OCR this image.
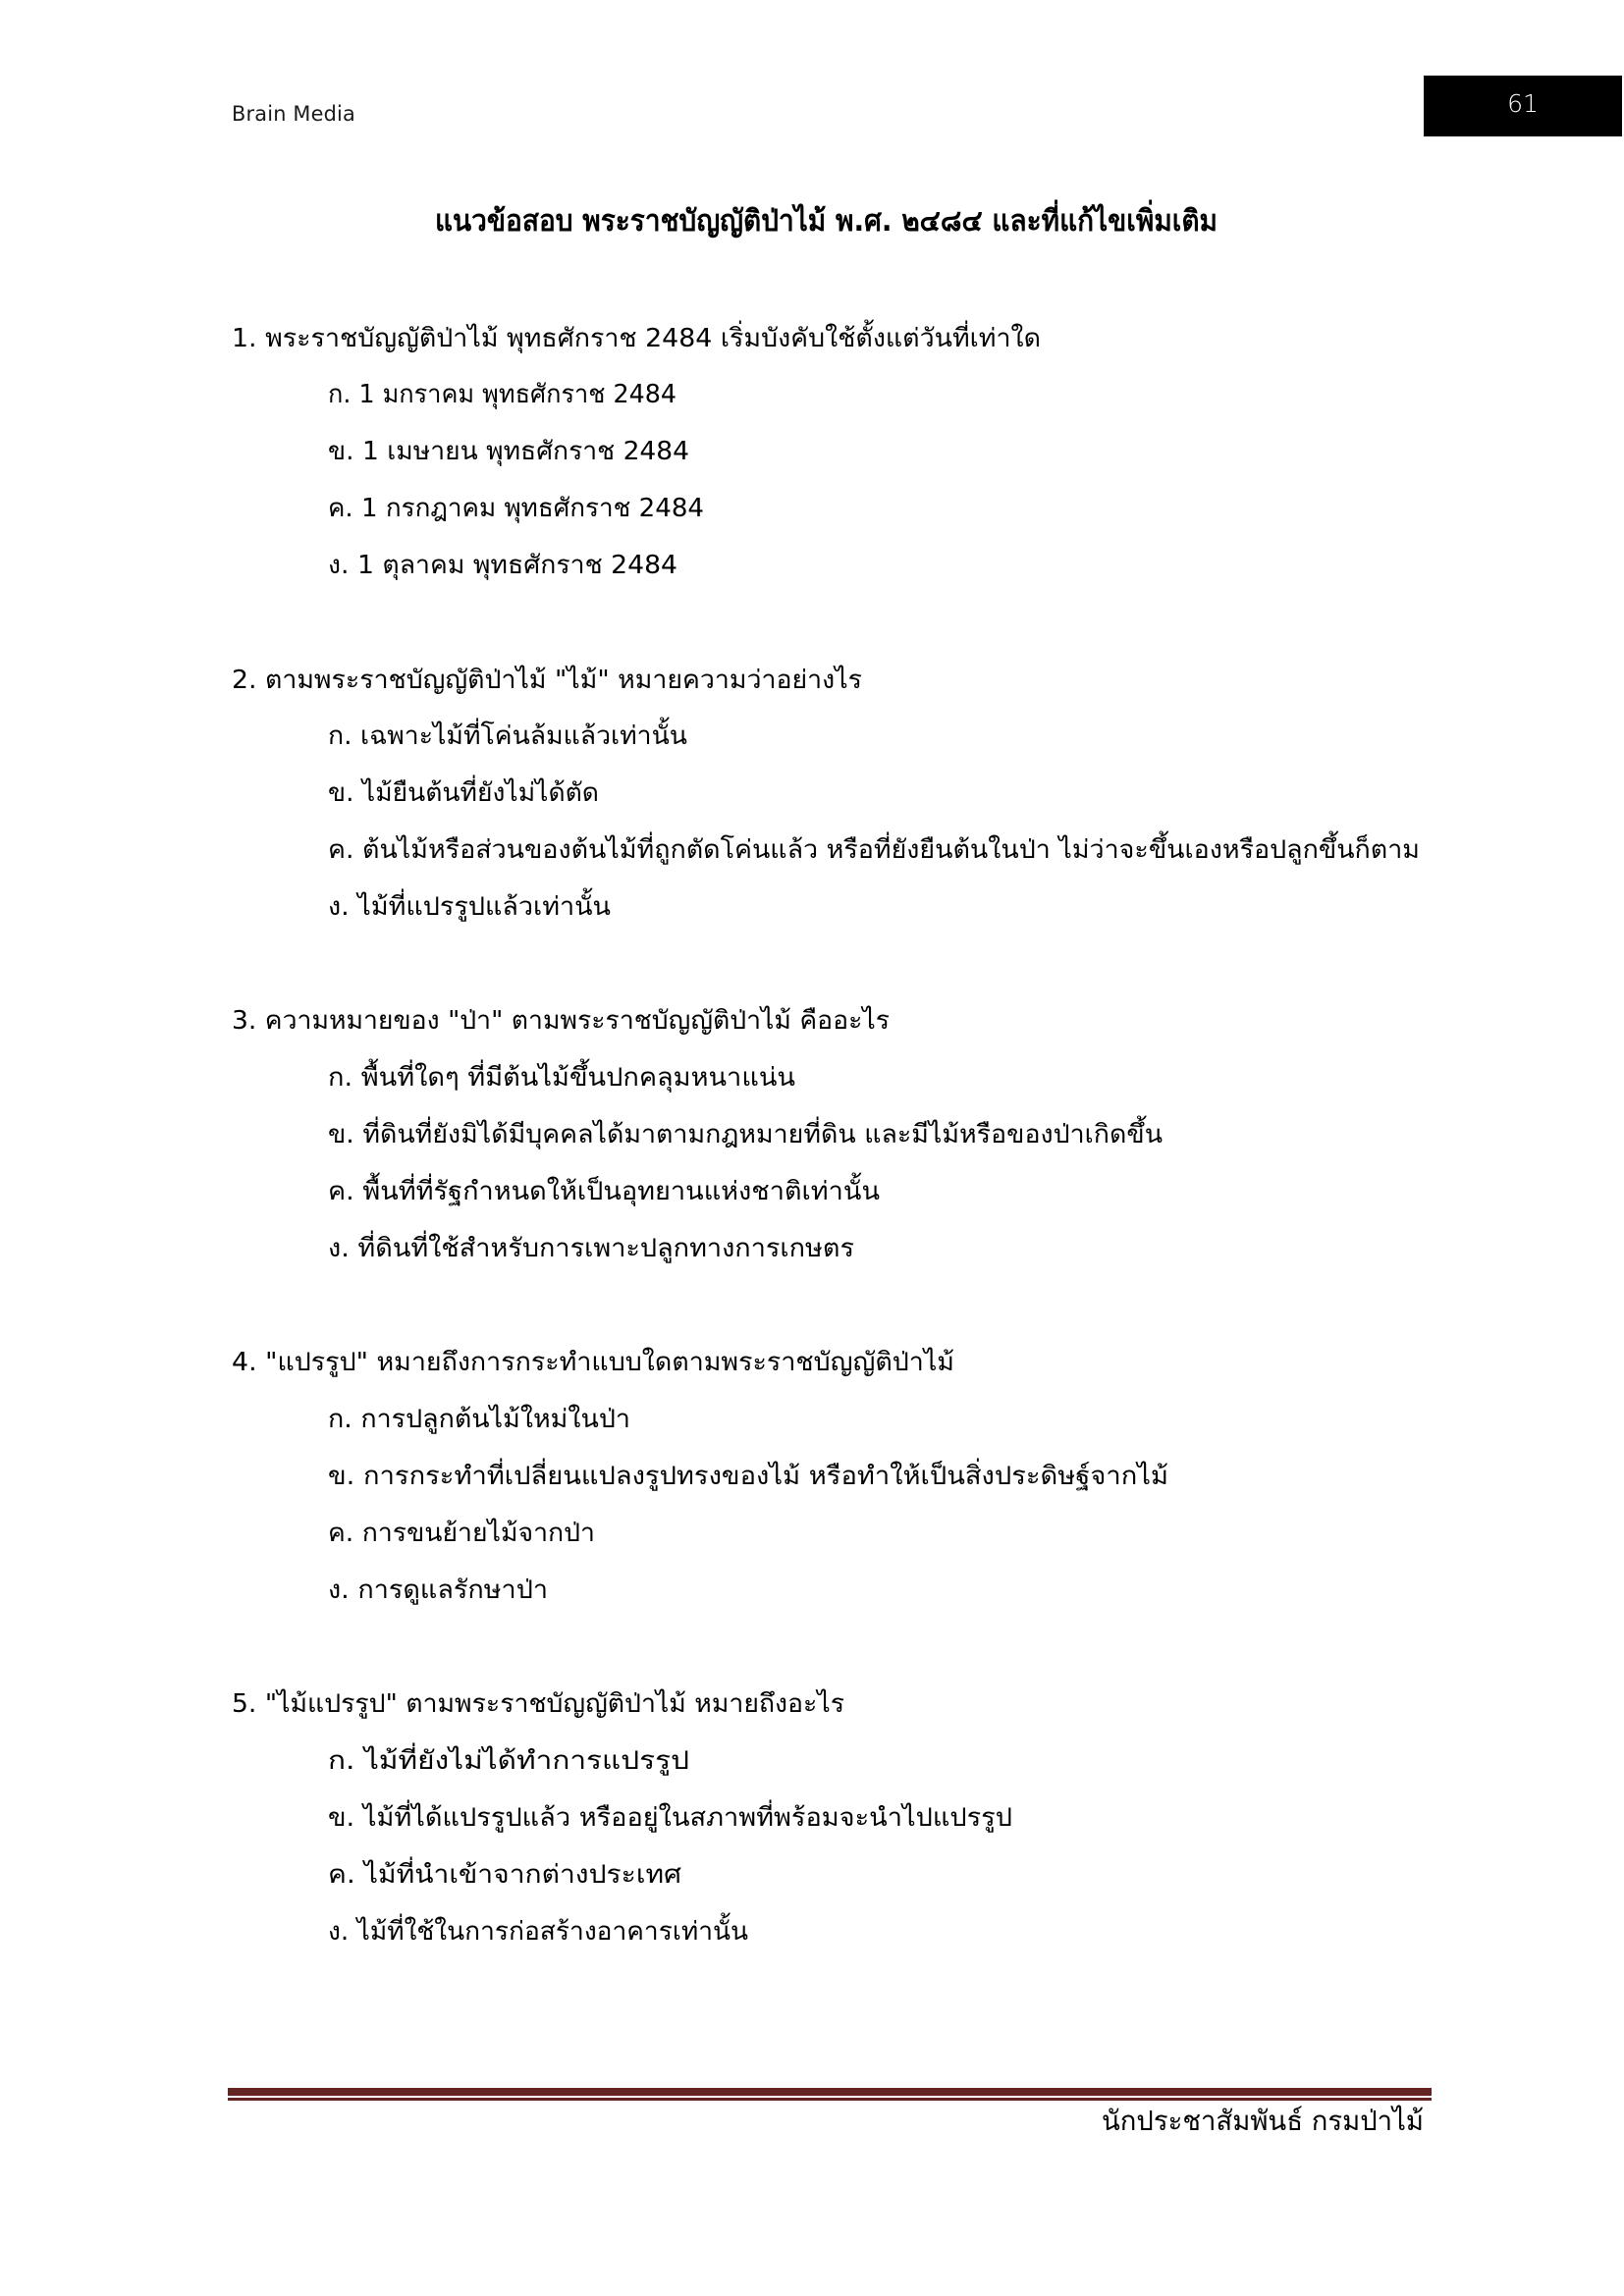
Brain Media	61
แนวข้อสอบ พระราชบัญญัติป่าไม้ พ.ศ. ๒๔๘๔ และที่แก้ไขเพิ่มเติม
1. พระราชบัญญัติป่าไม้ พุทธศักราช 2484 เริ่มบังคับใช้ตั้งแต่วันที่เท่าใด
ก. 1 มกราคม พุทธศักราช 2484
ข. 1 เมษายน พุทธศักราช 2484
ค. 1 กรกฎาคม พุทธศักราช 2484
ง. 1 ตุลาคม พุทธศักราช 2484
2. ตามพระราชบัญญัติป่าไม้ "ไม้" หมายความว่าอย่างไร
ก. เฉพาะไม้ที่โค่นล้มแล้วเท่านั้น
ข. ไม้ยืนต้นที่ยังไม่ได้ตัด
ค. ต้นไม้หรือส่วนของต้นไม้ที่ถูกตัดโค่นแล้ว หรือที่ยังยืนต้นในป่า ไม่ว่าจะขึ้นเองหรือปลูกขึ้นก็ตาม
ง. ไม้ที่แปรรูปแล้วเท่านั้น
3. ความหมายของ "ป่า" ตามพระราชบัญญัติป่าไม้ คืออะไร
ก. พื้นที่ใดๆ ที่มีต้นไม้ขึ้นปกคลุมหนาแน่น
ข. ที่ดินที่ยังมิได้มีบุคคลได้มาตามกฎหมายที่ดิน และมีไม้หรือของป่าเกิดขึ้น
ค. พื้นที่ที่รัฐกำหนดให้เป็นอุทยานแห่งชาติเท่านั้น
ง. ที่ดินที่ใช้สำหรับการเพาะปลูกทางการเกษตร
4. "แปรรูป" หมายถึงการกระทำแบบใดตามพระราชบัญญัติป่าไม้
ก. การปลูกต้นไม้ใหม่ในป่า
ข. การกระทำที่เปลี่ยนแปลงรูปทรงของไม้ หรือทำให้เป็นสิ่งประดิษฐ์จากไม้
ค. การขนย้ายไม้จากป่า
ง. การดูแลรักษาป่า
5. "ไม้แปรรูป" ตามพระราชบัญญัติป่าไม้ หมายถึงอะไร
ก. ไม้ที่ยังไม่ได้ทำการแปรรูป
ข. ไม้ที่ได้แปรรูปแล้ว หรืออยู่ในสภาพที่พร้อมจะนำไปแปรรูป
ค. ไม้ที่นำเข้าจากต่างประเทศ
ง. ไม้ที่ใช้ในการก่อสร้างอาคารเท่านั้น
นักประชาสัมพันธ์ กรมป่าไม้
